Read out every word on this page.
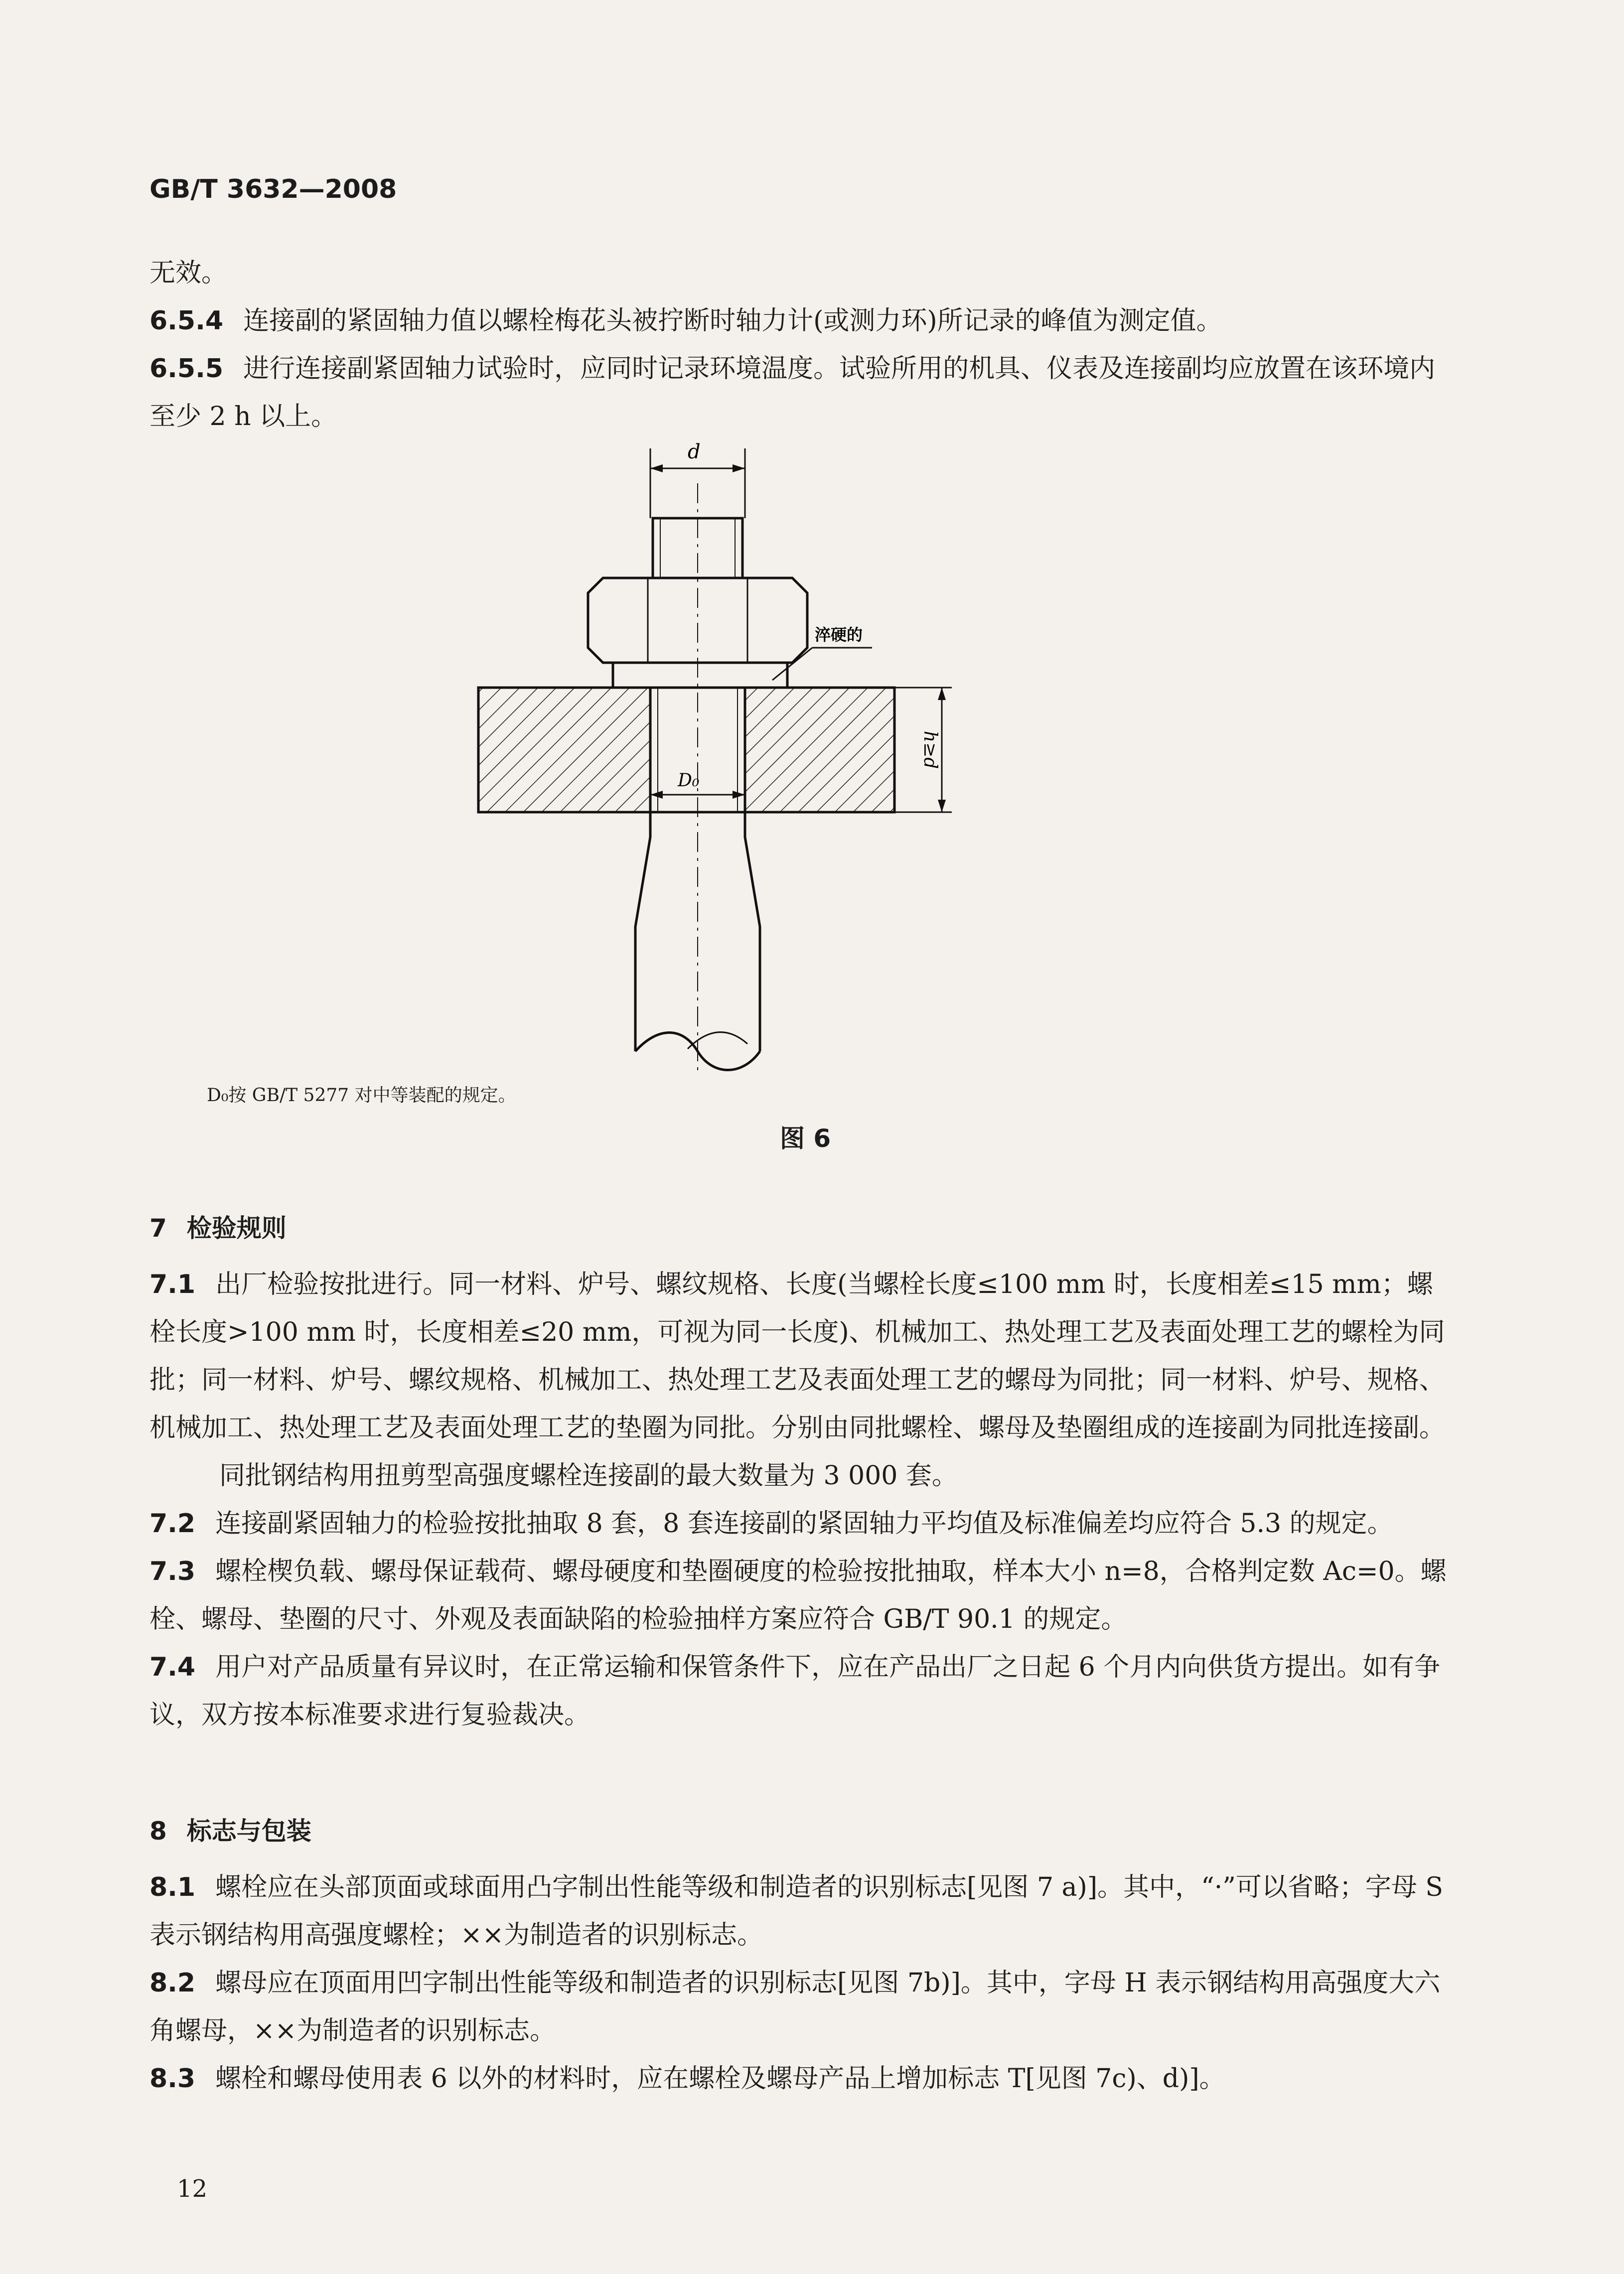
GB/T 3632—2008

无效。

6.5.4 连接副的紧固轴力值以螺栓梅花头被拧断时轴力计(或测力环)所记录的峰值为测定值。

6.5.5 进行连接副紧固轴力试验时，应同时记录环境温度。试验所用的机具、仪表及连接副均应放置在该环境内至少 2 h 以上。

d
淬硬的
D₀
h≥d
D₀按 GB/T 5277 对中等装配的规定。
图 6
7 检验规则

7.1 出厂检验按批进行。同一材料、炉号、螺纹规格、长度(当螺栓长度≤100 mm 时，长度相差≤15 mm；螺栓长度>100 mm 时，长度相差≤20 mm，可视为同一长度)、机械加工、热处理工艺及表面处理工艺的螺栓为同批；同一材料、炉号、螺纹规格、机械加工、热处理工艺及表面处理工艺的螺母为同批；同一材料、炉号、规格、机械加工、热处理工艺及表面处理工艺的垫圈为同批。分别由同批螺栓、螺母及垫圈组成的连接副为同批连接副。

同批钢结构用扭剪型高强度螺栓连接副的最大数量为 3 000 套。

7.2 连接副紧固轴力的检验按批抽取 8 套，8 套连接副的紧固轴力平均值及标准偏差均应符合 5.3 的规定。

7.3 螺栓楔负载、螺母保证载荷、螺母硬度和垫圈硬度的检验按批抽取，样本大小 n=8，合格判定数 Ac=0。螺栓、螺母、垫圈的尺寸、外观及表面缺陷的检验抽样方案应符合 GB/T 90.1 的规定。

7.4 用户对产品质量有异议时，在正常运输和保管条件下，应在产品出厂之日起 6 个月内向供货方提出。如有争议，双方按本标准要求进行复验裁决。

8 标志与包装

8.1 螺栓应在头部顶面或球面用凸字制出性能等级和制造者的识别标志[见图 7 a)]。其中，“·”可以省略；字母 S 表示钢结构用高强度螺栓；××为制造者的识别标志。

8.2 螺母应在顶面用凹字制出性能等级和制造者的识别标志[见图 7b)]。其中，字母 H 表示钢结构用高强度大六角螺母，××为制造者的识别标志。

8.3 螺栓和螺母使用表 6 以外的材料时，应在螺栓及螺母产品上增加标志 T[见图 7c)、d)]。

12
